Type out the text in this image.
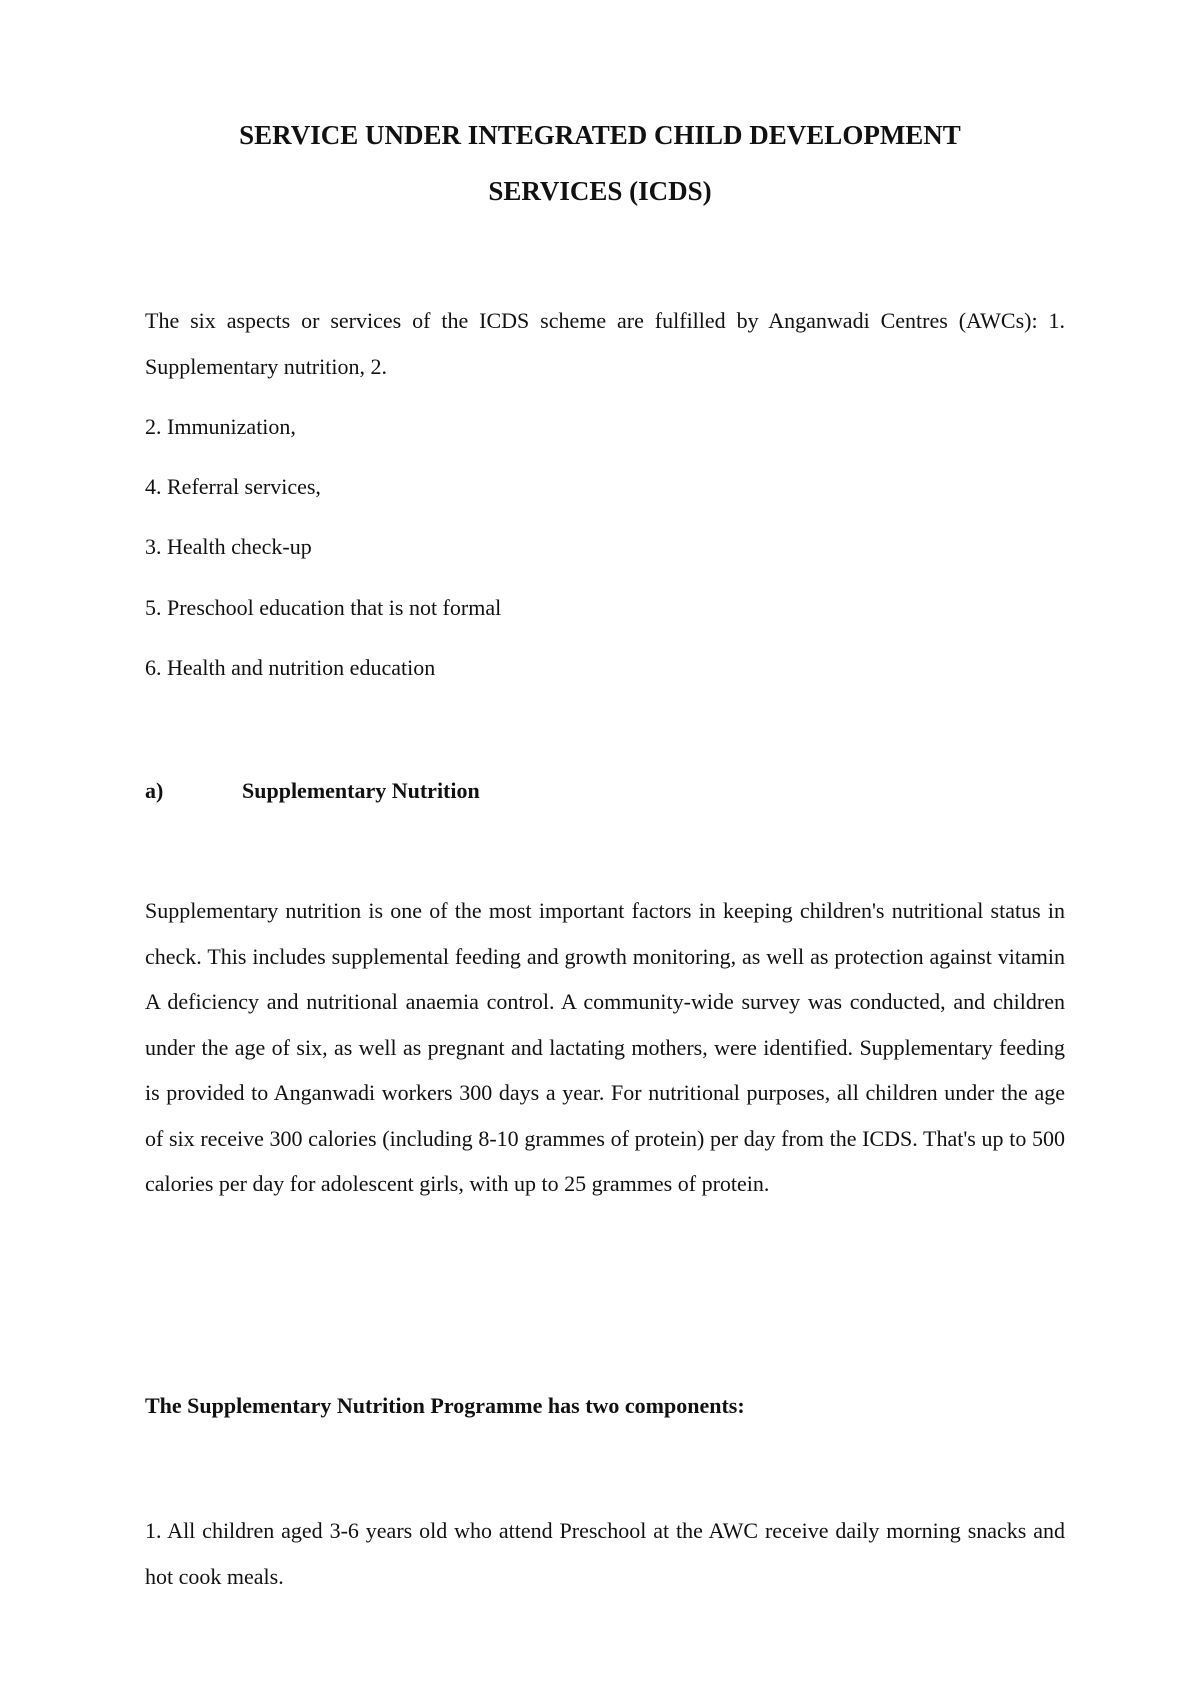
SERVICE UNDER INTEGRATED CHILD DEVELOPMENT
SERVICES (ICDS)

The six aspects or services of the ICDS scheme are fulfilled by Anganwadi Centres (AWCs): 1. Supplementary nutrition, 2.

2. Immunization,

4. Referral services,

3. Health check-up

5. Preschool education that is not formal

6. Health and nutrition education

a)	Supplementary Nutrition

Supplementary nutrition is one of the most important factors in keeping children's nutritional status in check. This includes supplemental feeding and growth monitoring, as well as protection against vitamin A deficiency and nutritional anaemia control. A community-wide survey was conducted, and children under the age of six, as well as pregnant and lactating mothers, were identified. Supplementary feeding is provided to Anganwadi workers 300 days a year. For nutritional purposes, all children under the age of six receive 300 calories (including 8-10 grammes of protein) per day from the ICDS. That's up to 500 calories per day for adolescent girls, with up to 25 grammes of protein.

The Supplementary Nutrition Programme has two components:

1. All children aged 3-6 years old who attend Preschool at the AWC receive daily morning snacks and hot cook meals.
